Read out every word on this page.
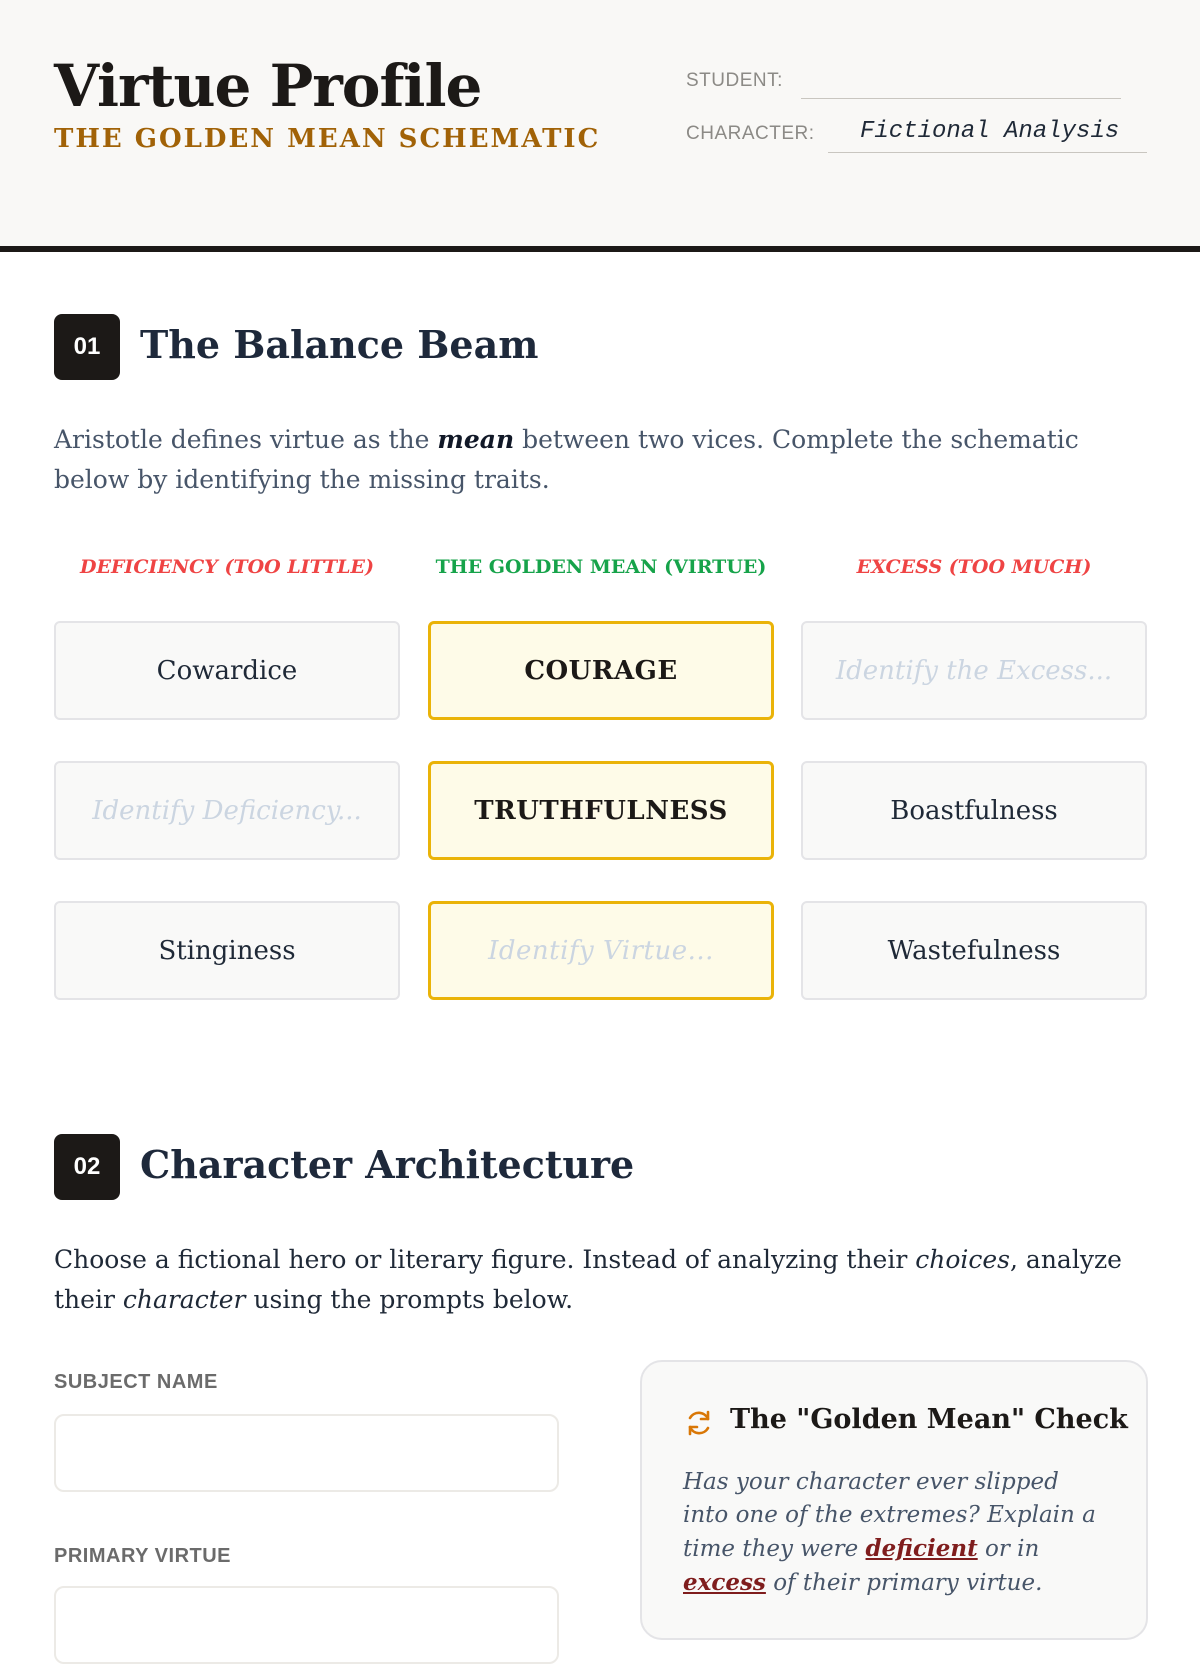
Virtue Profile
THE GOLDEN MEAN SCHEMATIC
STUDENT:
CHARACTER: Fictional Analysis
01	The Balance Beam
Aristotle defines virtue as the mean between two vices. Complete the schematic below by identifying the missing traits.
DEFICIENCY (TOO LITTLE)	THE GOLDEN MEAN (VIRTUE)	EXCESS (TOO MUCH)
Cowardice	COURAGE	Identify the Excess...
Identify Deficiency...	TRUTHFULNESS	Boastfulness
Stinginess	Identify Virtue...	Wastefulness
02	Character Architecture
Choose a fictional hero or literary figure. Instead of analyzing their choices, analyze their character using the prompts below.
SUBJECT NAME
PRIMARY VIRTUE
The "Golden Mean" Check
Has your character ever slipped into one of the extremes? Explain a time they were deficient or in excess of their primary virtue.
